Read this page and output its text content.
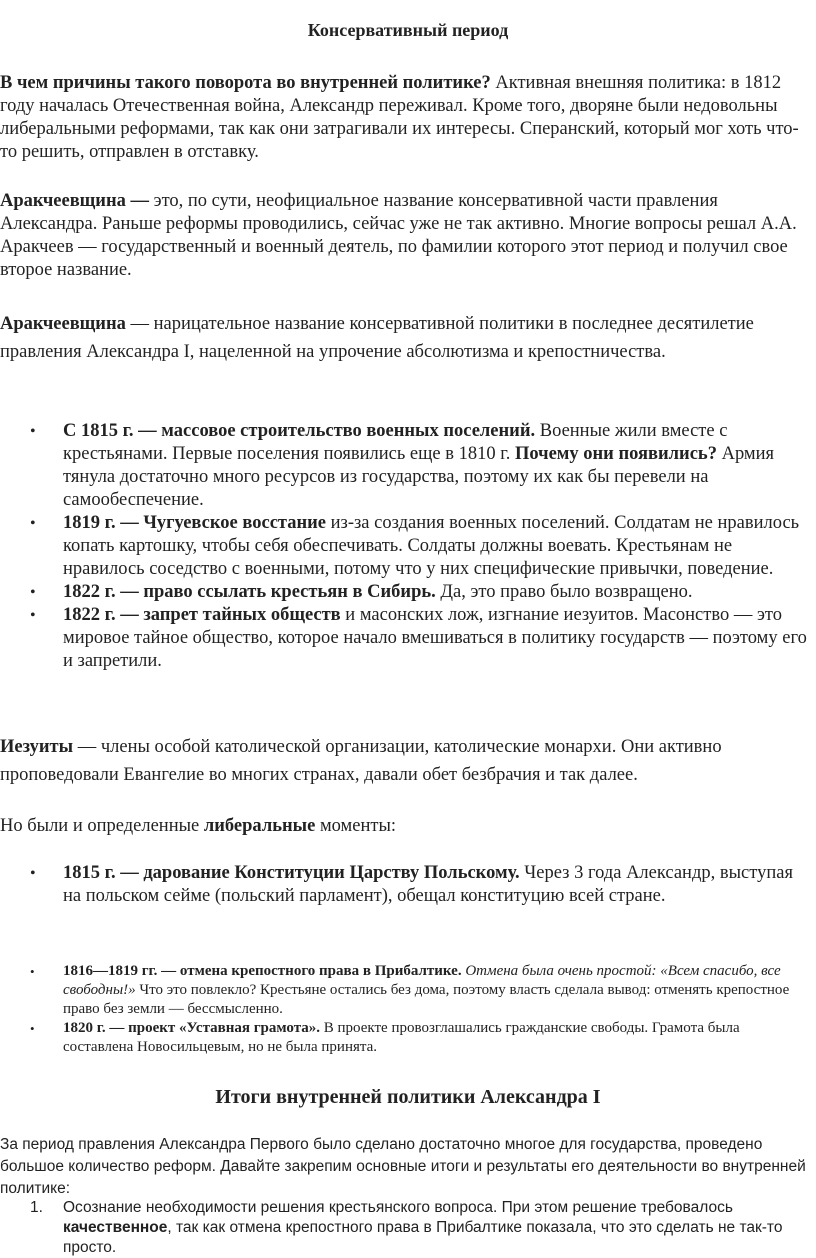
Консервативный период

В чем причины такого поворота во внутренней политике? Активная внешняя политика: в 1812 году началась Отечественная война, Александр переживал. Кроме того, дворяне были недовольны либеральными реформами, так как они затрагивали их интересы. Сперанский, который мог хоть что-то решить, отправлен в отставку.

Аракчеевщина — это, по сути, неофициальное название консервативной части правления Александра. Раньше реформы проводились, сейчас уже не так активно. Многие вопросы решал А.А. Аракчеев — государственный и военный деятель, по фамилии которого этот период и получил свое второе название.

Аракчеевщина — нарицательное название консервативной политики в последнее десятилетие правления Александра I, нацеленной на упрочение абсолютизма и крепостничества.

• С 1815 г. — массовое строительство военных поселений. Военные жили вместе с крестьянами. Первые поселения появились еще в 1810 г. Почему они появились? Армия тянула достаточно много ресурсов из государства, поэтому их как бы перевели на самообеспечение.
• 1819 г. — Чугуевское восстание из-за создания военных поселений. Солдатам не нравилось копать картошку, чтобы себя обеспечивать. Солдаты должны воевать. Крестьянам не нравилось соседство с военными, потому что у них специфические привычки, поведение.
• 1822 г. — право ссылать крестьян в Сибирь. Да, это право было возвращено.
• 1822 г. — запрет тайных обществ и масонских лож, изгнание иезуитов. Масонство — это мировое тайное общество, которое начало вмешиваться в политику государств — поэтому его и запретили.

Иезуиты — члены особой католической организации, католические монархи. Они активно проповедовали Евангелие во многих странах, давали обет безбрачия и так далее.

Но были и определенные либеральные моменты:

• 1815 г. — дарование Конституции Царству Польскому. Через 3 года Александр, выступая на польском сейме (польский парламент), обещал конституцию всей стране.
• 1816—1819 гг. — отмена крепостного права в Прибалтике. Отмена была очень простой: «Всем спасибо, все свободны!» Что это повлекло? Крестьяне остались без дома, поэтому власть сделала вывод: отменять крепостное право без земли — бессмысленно.
• 1820 г. — проект «Уставная грамота». В проекте провозглашались гражданские свободы. Грамота была составлена Новосильцевым, но не была принята.
Итоги внутренней политики Александра I

За период правления Александра Первого было сделано достаточно многое для государства, проведено большое количество реформ. Давайте закрепим основные итоги и результаты его деятельности во внутренней политике:

1. Осознание необходимости решения крестьянского вопроса. При этом решение требовалось качественное, так как отмена крепостного права в Прибалтике показала, что это сделать не так-то просто.
